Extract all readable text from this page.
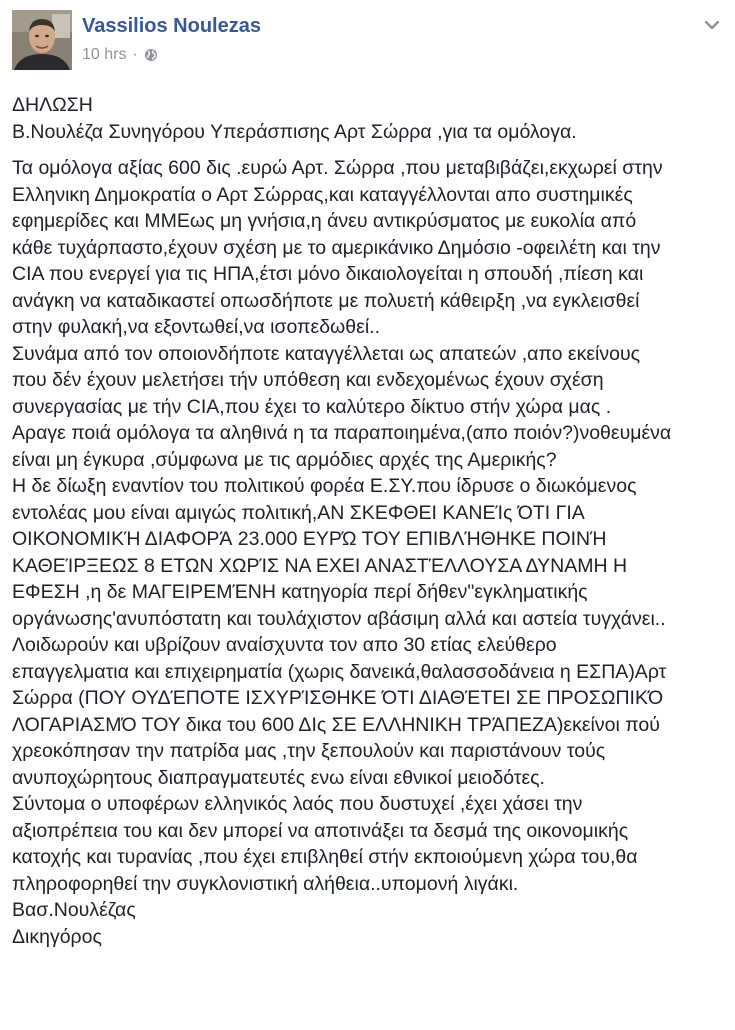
Vassilios Noulezas
10 hrs ·

ΔΗΛΩΣΗ
Β.Νουλέζα Συνηγόρου Υπεράσπισης Αρτ Σώρρα ,για τα ομόλογα.

Τα ομόλογα αξίας 600 δις .ευρώ Αρτ. Σώρρα ,που μεταβιβάζει,εκχωρεί στην
Ελληνικη Δημοκρατία ο Αρτ Σώρρας,και καταγγέλλονται απο συστημικές
εφημερίδες και ΜΜΕως μη γνήσια,η άνευ αντικρύσματος με ευκολία από
κάθε τυχάρπαστο,έχουν σχέση με το αμερικάνικο Δημόσιο -οφειλέτη και την
CIA που ενεργεί για τις ΗΠΑ,έτσι μόνο δικαιολογείται η σπουδή ,πίεση και
ανάγκη να καταδικαστεί οπωσδήποτε με πολυετή κάθειρξη ,να εγκλεισθεί
στην φυλακή,να εξοντωθεί,να ισοπεδωθεί..
Συνάμα από τον οποιονδήποτε καταγγέλλεται ως απατεών ,απο εκείνους
που δέν έχουν μελετήσει τήν υπόθεση και ενδεχομένως έχουν σχέση
συνεργασίας με τήν CIA,που έχει το καλύτερο δίκτυο στήν χώρα μας .
Αραγε ποιά ομόλογα τα αληθινά η τα παραποιημένα,(απο ποιόν?)νοθευμένα
είναι μη έγκυρα ,σύμφωνα με τις αρμόδιες αρχές της Αμερικής?
Η δε δίωξη εναντίον του πολιτικού φορέα Ε.ΣΥ.που ίδρυσε ο διωκόμενος
εντολέας μου είναι αμιγώς πολιτική,ΑΝ ΣΚΕΦΘΕΙ ΚΑΝΕΊς ΌΤΙ ΓΙΑ
ΟΙΚΟΝΟΜΙΚΉ ΔΙΑΦΟΡΆ 23.000 ΕΥΡΏ ΤΟΥ ΕΠΙΒΛΉΘΗΚΕ ΠΟΙΝΉ
ΚΑΘΕΊΡΞΕΩΣ 8 ΕΤΩΝ ΧΩΡΊΣ ΝΑ ΕΧΕΙ ΑΝΑΣΤΈΛΛΟΥΣΑ ΔΥΝΑΜΗ Η
ΕΦΕΣΗ ,η δε ΜΑΓΕΙΡΕΜΈΝΗ κατηγορία περί δήθεν"εγκληματικής
οργάνωσης'ανυπόστατη και τουλάχιστον αβάσιμη αλλά και αστεία τυγχάνει..
Λοιδωρούν και υβρίζουν αναίσχυντα τον απο 30 ετίας ελεύθερο
επαγγελματια και επιχειρηματία (χωρις δανεικά,θαλασσοδάνεια η ΕΣΠΑ)Αρτ
Σώρρα (ΠΟΥ ΟΥΔΈΠΟΤΕ ΙΣΧΥΡΊΣΘΗΚΕ ΌΤΙ ΔΙΑΘΈΤΕΙ ΣΕ ΠΡΟΣΩΠΙΚΌ
ΛΟΓΑΡΙΑΣΜΌ ΤΟΥ δικα του 600 ΔΙς ΣΕ ΕΛΛΗΝΙΚΗ ΤΡΆΠΕΖΑ)εκείνοι πού
χρεοκόπησαν την πατρίδα μας ,την ξεπουλούν και παριστάνουν τούς
ανυποχώρητους διαπραγματευτές ενω είναι εθνικοί μειοδότες.
Σύντομα ο υποφέρων ελληνικός λαός που δυστυχεί ,έχει χάσει την
αξιοπρέπεια του και δεν μπορεί να αποτινάξει τα δεσμά της οικονομικής
κατοχής και τυρανίας ,που έχει επιβληθεί στήν εκποιούμενη χώρα του,θα
πληροφορηθεί την συγκλονιστική αλήθεια..υπομονή λιγάκι.
Βασ.Νουλέζας
Δικηγόρος
